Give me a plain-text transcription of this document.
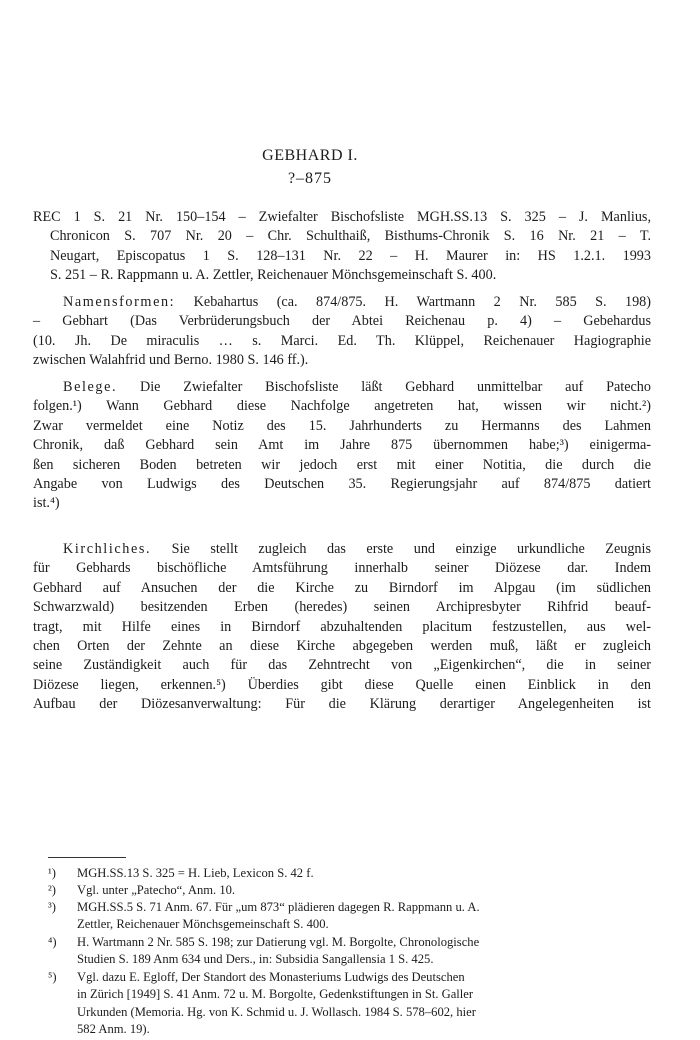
GEBHARD I.
?–875
REC 1 S. 21 Nr. 150–154 – Zwiefalter Bischofsliste MGH.SS.13 S. 325 – J. Manlius,
Chronicon S. 707 Nr. 20 – Chr. Schulthaiß, Bisthums-Chronik S. 16 Nr. 21 – T.
Neugart, Episcopatus 1 S. 128–131 Nr. 22 – H. Maurer in: HS 1.2.1. 1993
S. 251 – R. Rappmann u. A. Zettler, Reichenauer Mönchsgemeinschaft S. 400.
Namensformen: Kebahartus (ca. 874/875. H. Wartmann 2 Nr. 585 S. 198)
– Gebhart (Das Verbrüderungsbuch der Abtei Reichenau p. 4) – Gebehardus
(10. Jh. De miraculis … s. Marci. Ed. Th. Klüppel, Reichenauer Hagiographie
zwischen Walahfrid und Berno. 1980 S. 146 ff.).
Belege. Die Zwiefalter Bischofsliste läßt Gebhard unmittelbar auf Patecho
folgen.¹) Wann Gebhard diese Nachfolge angetreten hat, wissen wir nicht.²)
Zwar vermeldet eine Notiz des 15. Jahrhunderts zu Hermanns des Lahmen
Chronik, daß Gebhard sein Amt im Jahre 875 übernommen habe;³) einigerma-
ßen sicheren Boden betreten wir jedoch erst mit einer Notitia, die durch die
Angabe von Ludwigs des Deutschen 35. Regierungsjahr auf 874/875 datiert
ist.⁴)
Kirchliches. Sie stellt zugleich das erste und einzige urkundliche Zeugnis
für Gebhards bischöfliche Amtsführung innerhalb seiner Diözese dar. Indem
Gebhard auf Ansuchen der die Kirche zu Birndorf im Alpgau (im südlichen
Schwarzwald) besitzenden Erben (heredes) seinen Archipresbyter Rihfrid beauf-
tragt, mit Hilfe eines in Birndorf abzuhaltenden placitum festzustellen, aus wel-
chen Orten der Zehnte an diese Kirche abgegeben werden muß, läßt er zugleich
seine Zuständigkeit auch für das Zehntrecht von „Eigenkirchen“, die in seiner
Diözese liegen, erkennen.⁵) Überdies gibt diese Quelle einen Einblick in den
Aufbau der Diözesanverwaltung: Für die Klärung derartiger Angelegenheiten ist
¹)	MGH.SS.13 S. 325 = H. Lieb, Lexicon S. 42 f.
²)	Vgl. unter „Patecho“, Anm. 10.
³)	MGH.SS.5 S. 71 Anm. 67. Für „um 873“ plädieren dagegen R. Rappmann u. A.
Zettler, Reichenauer Mönchsgemeinschaft S. 400.
⁴)	H. Wartmann 2 Nr. 585 S. 198; zur Datierung vgl. M. Borgolte, Chronologische
Studien S. 189 Anm 634 und Ders., in: Subsidia Sangallensia 1 S. 425.
⁵)	Vgl. dazu E. Egloff, Der Standort des Monasteriums Ludwigs des Deutschen
in Zürich [1949] S. 41 Anm. 72 u. M. Borgolte, Gedenkstiftungen in St. Galler
Urkunden (Memoria. Hg. von K. Schmid u. J. Wollasch. 1984 S. 578–602, hier
582 Anm. 19).
